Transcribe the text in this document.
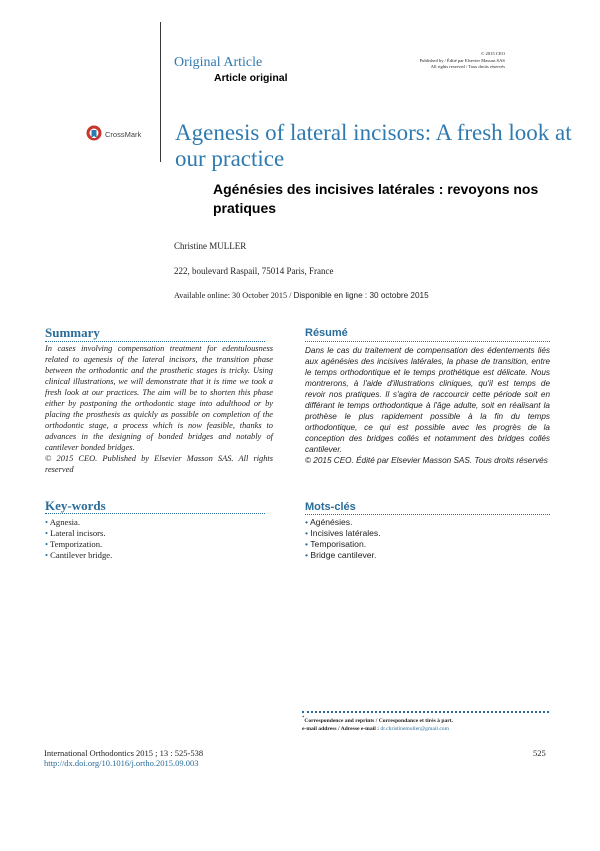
Original Article
Article original
© 2015 CEO
Published by / Édité par Elsevier Masson SAS
All rights reserved / Tous droits réservés
CrossMark Agenesis of lateral incisors: A fresh look at our practice
Agénésies des incisives latérales : revoyons nos pratiques
Christine MULLER
222, boulevard Raspail, 75014 Paris, France
Available online: 30 October 2015 / Disponible en ligne : 30 octobre 2015
Summary
In cases involving compensation treatment for edentulousness related to agenesis of the lateral incisors, the transition phase between the orthodontic and the prosthetic stages is tricky. Using clinical illustrations, we will demonstrate that it is time we took a fresh look at our practices. The aim will be to shorten this phase either by postponing the orthodontic stage into adulthood or by placing the prosthesis as quickly as possible on completion of the orthodontic stage, a process which is now feasible, thanks to advances in the designing of bonded bridges and notably of cantilever bonded bridges.
© 2015 CEO. Published by Elsevier Masson SAS. All rights reserved
Résumé
Dans le cas du traitement de compensation des édentements liés aux agénésies des incisives latérales, la phase de transition, entre le temps orthodontique et le temps prothétique est délicate. Nous montrerons, à l'aide d'illustrations cliniques, qu'il est temps de revoir nos pratiques. Il s'agira de raccourcir cette période soit en différant le temps orthodontique à l'âge adulte, soit en réalisant la prothèse le plus rapidement possible à la fin du temps orthodontique, ce qui est possible avec les progrès de la conception des bridges collés et notamment des bridges collés cantilever.
© 2015 CEO. Édité par Elsevier Masson SAS. Tous droits réservés
Key-words
• Agnesia.
• Lateral incisors.
• Temporization.
• Cantilever bridge.
Mots-clés
• Agénésies.
• Incisives latérales.
• Temporisation.
• Bridge cantilever.
*Correspondence and reprints / Correspondance et tirés à part.
e-mail address / Adresse e-mail : dr.christinemuller@gmail.com
International Orthodontics 2015 ; 13 : 525-538
http://dx.doi.org/10.1016/j.ortho.2015.09.003
525
